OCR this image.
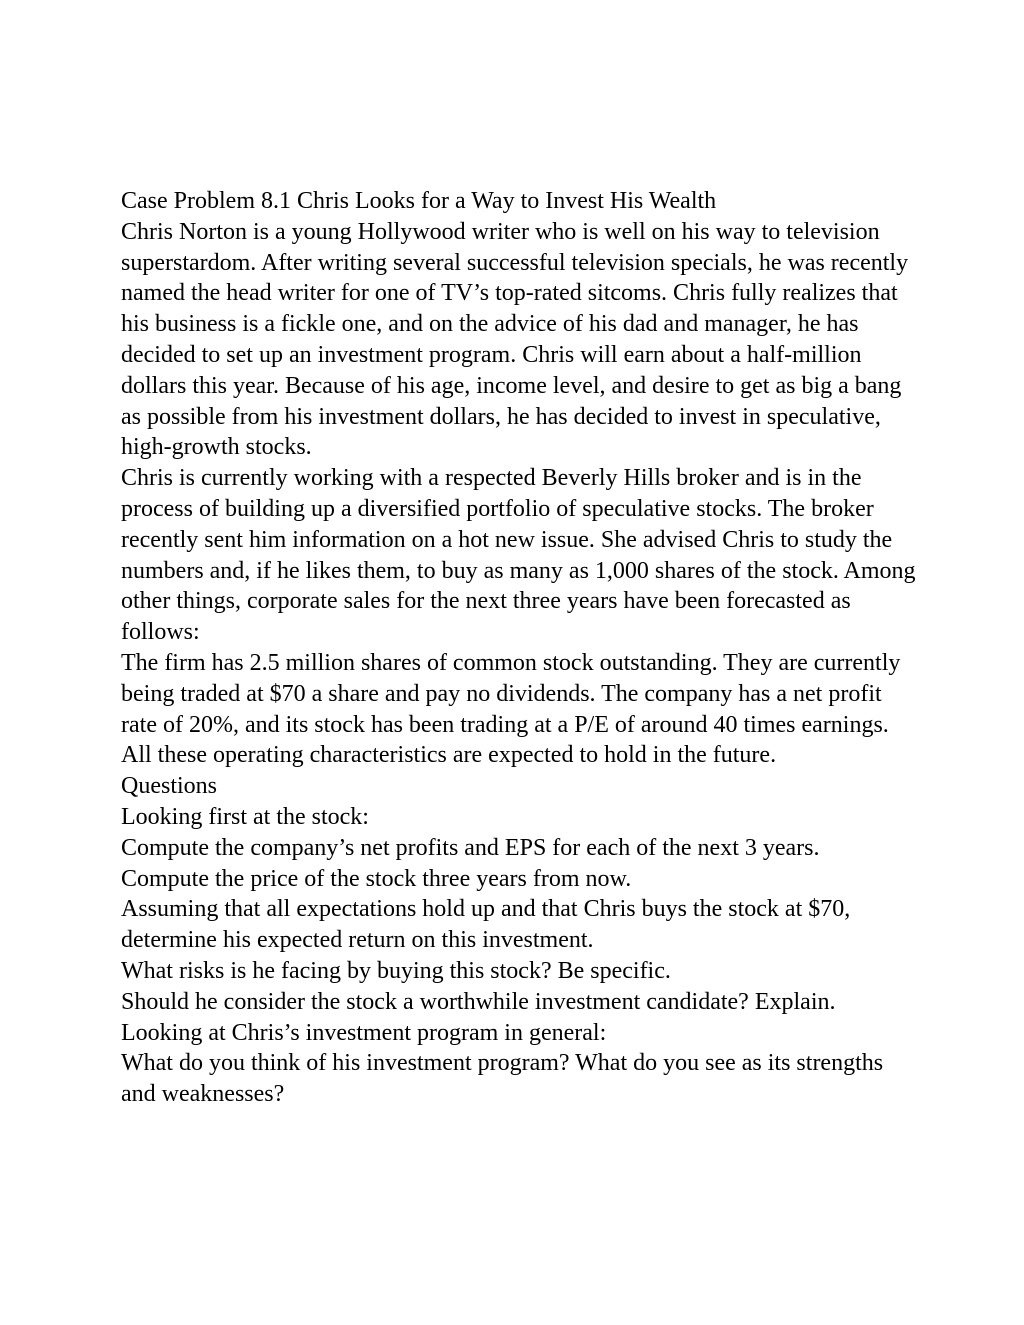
Case Problem 8.1 Chris Looks for a Way to Invest His Wealth

Chris Norton is a young Hollywood writer who is well on his way to television superstardom. After writing several successful television specials, he was recently named the head writer for one of TV’s top-rated sitcoms. Chris fully realizes that his business is a fickle one, and on the advice of his dad and manager, he has decided to set up an investment program. Chris will earn about a half-million dollars this year. Because of his age, income level, and desire to get as big a bang as possible from his investment dollars, he has decided to invest in speculative, high-growth stocks.

Chris is currently working with a respected Beverly Hills broker and is in the process of building up a diversified portfolio of speculative stocks. The broker recently sent him information on a hot new issue. She advised Chris to study the numbers and, if he likes them, to buy as many as 1,000 shares of the stock. Among other things, corporate sales for the next three years have been forecasted as follows:

The firm has 2.5 million shares of common stock outstanding. They are currently being traded at $70 a share and pay no dividends. The company has a net profit rate of 20%, and its stock has been trading at a P/E of around 40 times earnings. All these operating characteristics are expected to hold in the future.

Questions

Looking first at the stock:

Compute the company’s net profits and EPS for each of the next 3 years.

Compute the price of the stock three years from now.

Assuming that all expectations hold up and that Chris buys the stock at $70, determine his expected return on this investment.

What risks is he facing by buying this stock? Be specific.

Should he consider the stock a worthwhile investment candidate? Explain.

Looking at Chris’s investment program in general:

What do you think of his investment program? What do you see as its strengths and weaknesses?
